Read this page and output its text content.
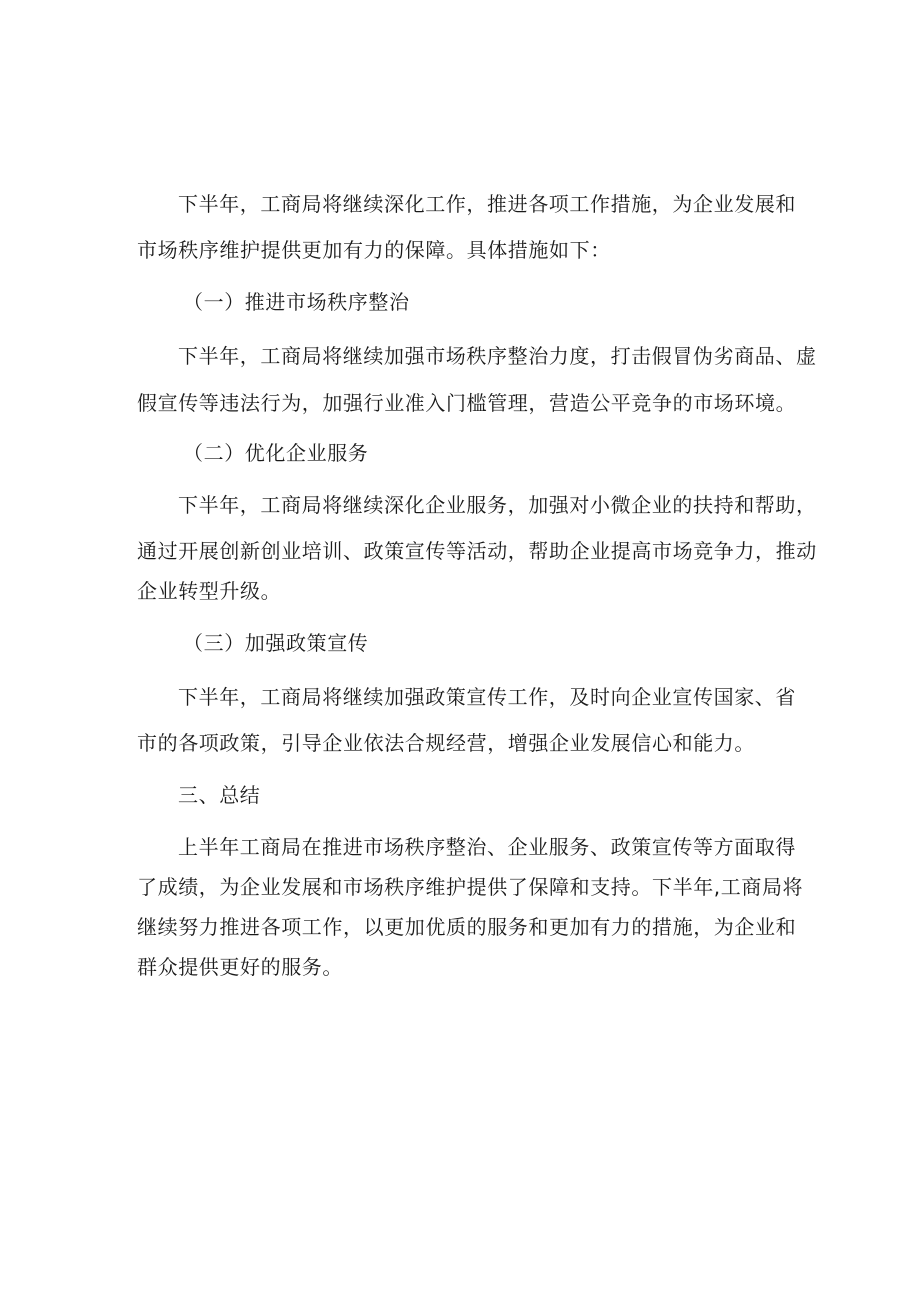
下半年，工商局将继续深化工作，推进各项工作措施，为企业发展和
市场秩序维护提供更加有力的保障。具体措施如下：
（一）推进市场秩序整治
下半年，工商局将继续加强市场秩序整治力度，打击假冒伪劣商品、虚
假宣传等违法行为，加强行业准入门槛管理，营造公平竞争的市场环境。
（二）优化企业服务
下半年，工商局将继续深化企业服务，加强对小微企业的扶持和帮助，
通过开展创新创业培训、政策宣传等活动，帮助企业提高市场竞争力，推动
企业转型升级。
（三）加强政策宣传
下半年，工商局将继续加强政策宣传工作，及时向企业宣传国家、省
市的各项政策，引导企业依法合规经营，增强企业发展信心和能力。
三、总结
上半年工商局在推进市场秩序整治、企业服务、政策宣传等方面取得
了成绩，为企业发展和市场秩序维护提供了保障和支持。下半年,工商局将
继续努力推进各项工作，以更加优质的服务和更加有力的措施，为企业和
群众提供更好的服务。
